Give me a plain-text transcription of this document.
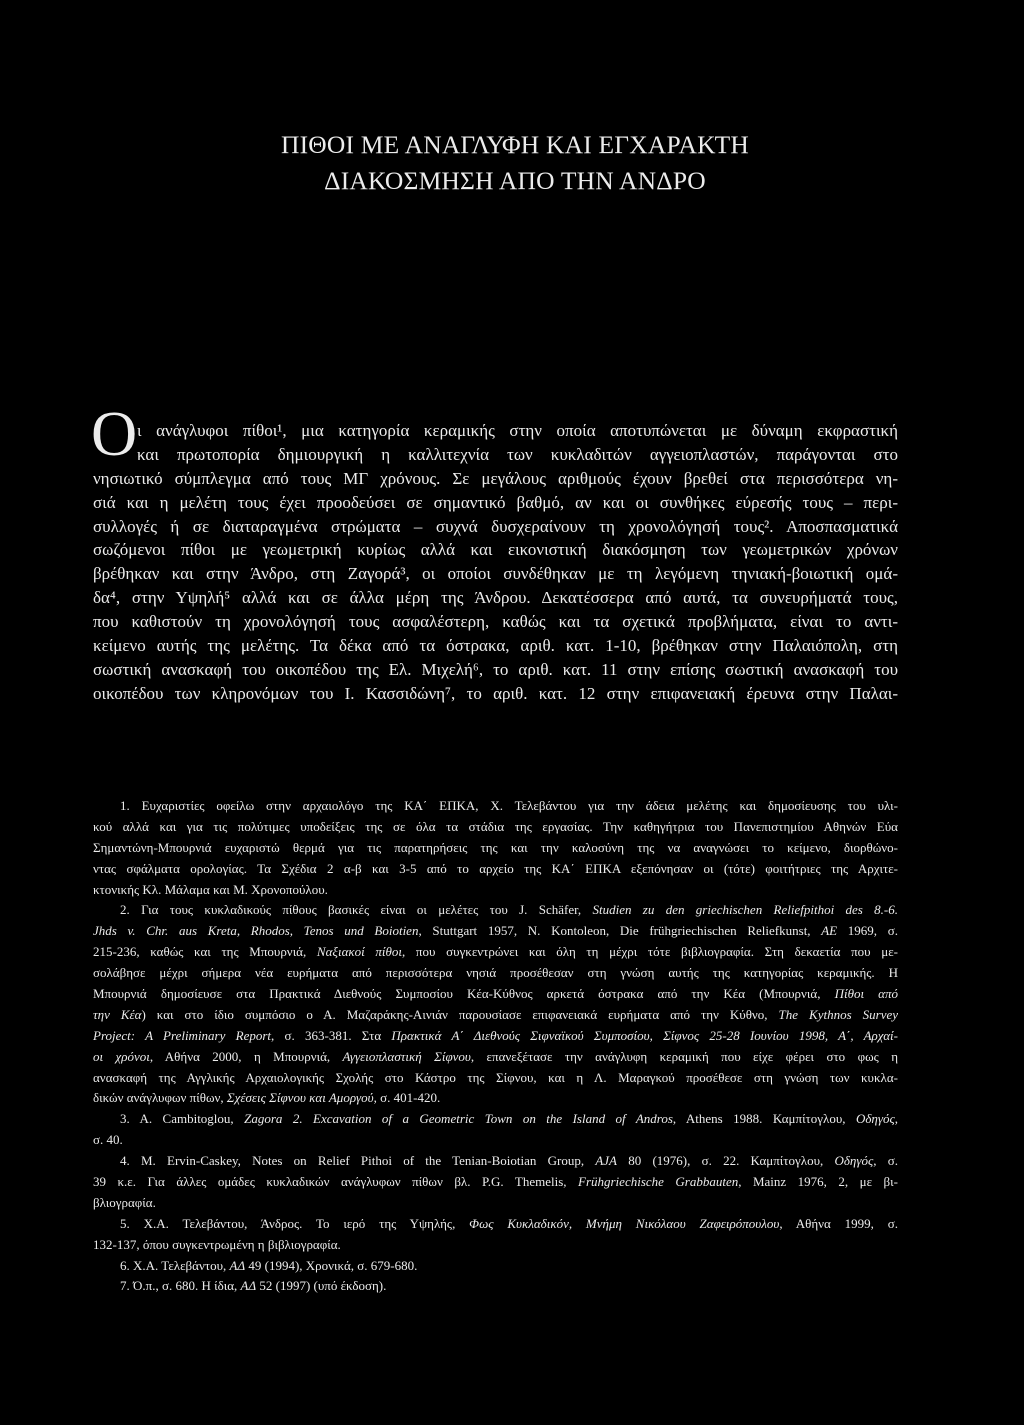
ΠΙΘΟΙ ΜΕ ΑΝΑΓΛΥΦΗ ΚΑΙ ΕΓΧΑΡΑΚΤΗ
ΔΙΑΚΟΣΜΗΣΗ ΑΠΟ ΤΗΝ ΑΝΔΡΟ
Ο ι ανάγλυφοι πίθοι¹, μια κατηγορία κεραμικής στην οποία αποτυπώνεται με δύναμη εκφραστική
και πρωτοπορία δημιουργική η καλλιτεχνία των κυκλαδιτών αγγειοπλαστών, παράγονται στο
νησιωτικό σύμπλεγμα από τους ΜΓ χρόνους. Σε μεγάλους αριθμούς έχουν βρεθεί στα περισσότερα νη-
σιά και η μελέτη τους έχει προοδεύσει σε σημαντικό βαθμό, αν και οι συνθήκες εύρεσής τους – περι-
συλλογές ή σε διαταραγμένα στρώματα – συχνά δυσχεραίνουν τη χρονολόγησή τους². Αποσπασματικά
σωζόμενοι πίθοι με γεωμετρική κυρίως αλλά και εικονιστική διακόσμηση των γεωμετρικών χρόνων
βρέθηκαν και στην Άνδρο, στη Ζαγορά³, οι οποίοι συνδέθηκαν με τη λεγόμενη τηνιακή-βοιωτική ομά-
δα⁴, στην Υψηλή⁵ αλλά και σε άλλα μέρη της Άνδρου. Δεκατέσσερα από αυτά, τα συνευρήματά τους,
που καθιστούν τη χρονολόγησή τους ασφαλέστερη, καθώς και τα σχετικά προβλήματα, είναι το αντι-
κείμενο αυτής της μελέτης. Τα δέκα από τα όστρακα, αριθ. κατ. 1-10, βρέθηκαν στην Παλαιόπολη, στη
σωστική ανασκαφή του οικοπέδου της Ελ. Μιχελή⁶, το αριθ. κατ. 11 στην επίσης σωστική ανασκαφή του
οικοπέδου των κληρονόμων του Ι. Κασσιδώνη⁷, το αριθ. κατ. 12 στην επιφανειακή έρευνα στην Παλαι-
1. Ευχαριστίες οφείλω στην αρχαιολόγο της ΚΑ΄ ΕΠΚΑ, Χ. Τελεβάντου για την άδεια μελέτης και δημοσίευσης του υλι-
κού αλλά και για τις πολύτιμες υποδείξεις της σε όλα τα στάδια της εργασίας. Την καθηγήτρια του Πανεπιστημίου Αθηνών Εύα
Σημαντώνη-Μπουρνιά ευχαριστώ θερμά για τις παρατηρήσεις της και την καλοσύνη της να αναγνώσει το κείμενο, διορθώνο-
ντας σφάλματα ορολογίας. Τα Σχέδια 2 α-β και 3-5 από το αρχείο της ΚΑ΄ ΕΠΚΑ εξεπόνησαν οι (τότε) φοιτήτριες της Αρχιτε-
κτονικής Κλ. Μάλαμα και Μ. Χρονοπούλου.
2. Για τους κυκλαδικούς πίθους βασικές είναι οι μελέτες του J. Schäfer, Studien zu den griechischen Reliefpithoi des 8.-6.
Jhds v. Chr. aus Kreta, Rhodos, Tenos und Boiotien, Stuttgart 1957, N. Kontoleon, Die frühgriechischen Reliefkunst, AE 1969, σ.
215-236, καθώς και της Μπουρνιά, Ναξιακοί πίθοι, που συγκεντρώνει και όλη τη μέχρι τότε βιβλιογραφία. Στη δεκαετία που με-
σολάβησε μέχρι σήμερα νέα ευρήματα από περισσότερα νησιά προσέθεσαν στη γνώση αυτής της κατηγορίας κεραμικής. Η
Μπουρνιά δημοσίευσε στα Πρακτικά Διεθνούς Συμποσίου Κέα-Κύθνος αρκετά όστρακα από την Κέα (Μπουρνιά, Πίθοι από
την Κέα) και στο ίδιο συμπόσιο ο Α. Μαζαράκης-Αινιάν παρουσίασε επιφανειακά ευρήματα από την Κύθνο, The Kythnos Survey
Project: A Preliminary Report, σ. 363-381. Στα Πρακτικά Α΄ Διεθνούς Σιφναϊκού Συμποσίου, Σίφνος 25-28 Ιουνίου 1998, Α΄, Αρχαί-
οι χρόνοι, Αθήνα 2000, η Μπουρνιά, Αγγειοπλαστική Σίφνου, επανεξέτασε την ανάγλυφη κεραμική που είχε φέρει στο φως η
ανασκαφή της Αγγλικής Αρχαιολογικής Σχολής στο Κάστρο της Σίφνου, και η Λ. Μαραγκού προσέθεσε στη γνώση των κυκλα-
δικών ανάγλυφων πίθων, Σχέσεις Σίφνου και Αμοργού, σ. 401-420.
3. A. Cambitoglou, Zagora 2. Excavation of a Geometric Town on the Island of Andros, Athens 1988. Καμπίτογλου, Οδηγός,
σ. 40.
4. M. Ervin-Caskey, Notes on Relief Pithoi of the Tenian-Boiotian Group, AJA 80 (1976), σ. 22. Καμπίτογλου, Οδηγός, σ.
39 κ.ε. Για άλλες ομάδες κυκλαδικών ανάγλυφων πίθων βλ. P.G. Themelis, Frühgriechische Grabbauten, Mainz 1976, 2, με βι-
βλιογραφία.
5. Χ.Α. Τελεβάντου, Άνδρος. Το ιερό της Υψηλής, Φως Κυκλαδικόν, Μνήμη Νικόλαου Ζαφειρόπουλου, Αθήνα 1999, σ.
132-137, όπου συγκεντρωμένη η βιβλιογραφία.
6. Χ.Α. Τελεβάντου, ΑΔ 49 (1994), Χρονικά, σ. 679-680.
7. Ό.π., σ. 680. Η ίδια, ΑΔ 52 (1997) (υπό έκδοση).
